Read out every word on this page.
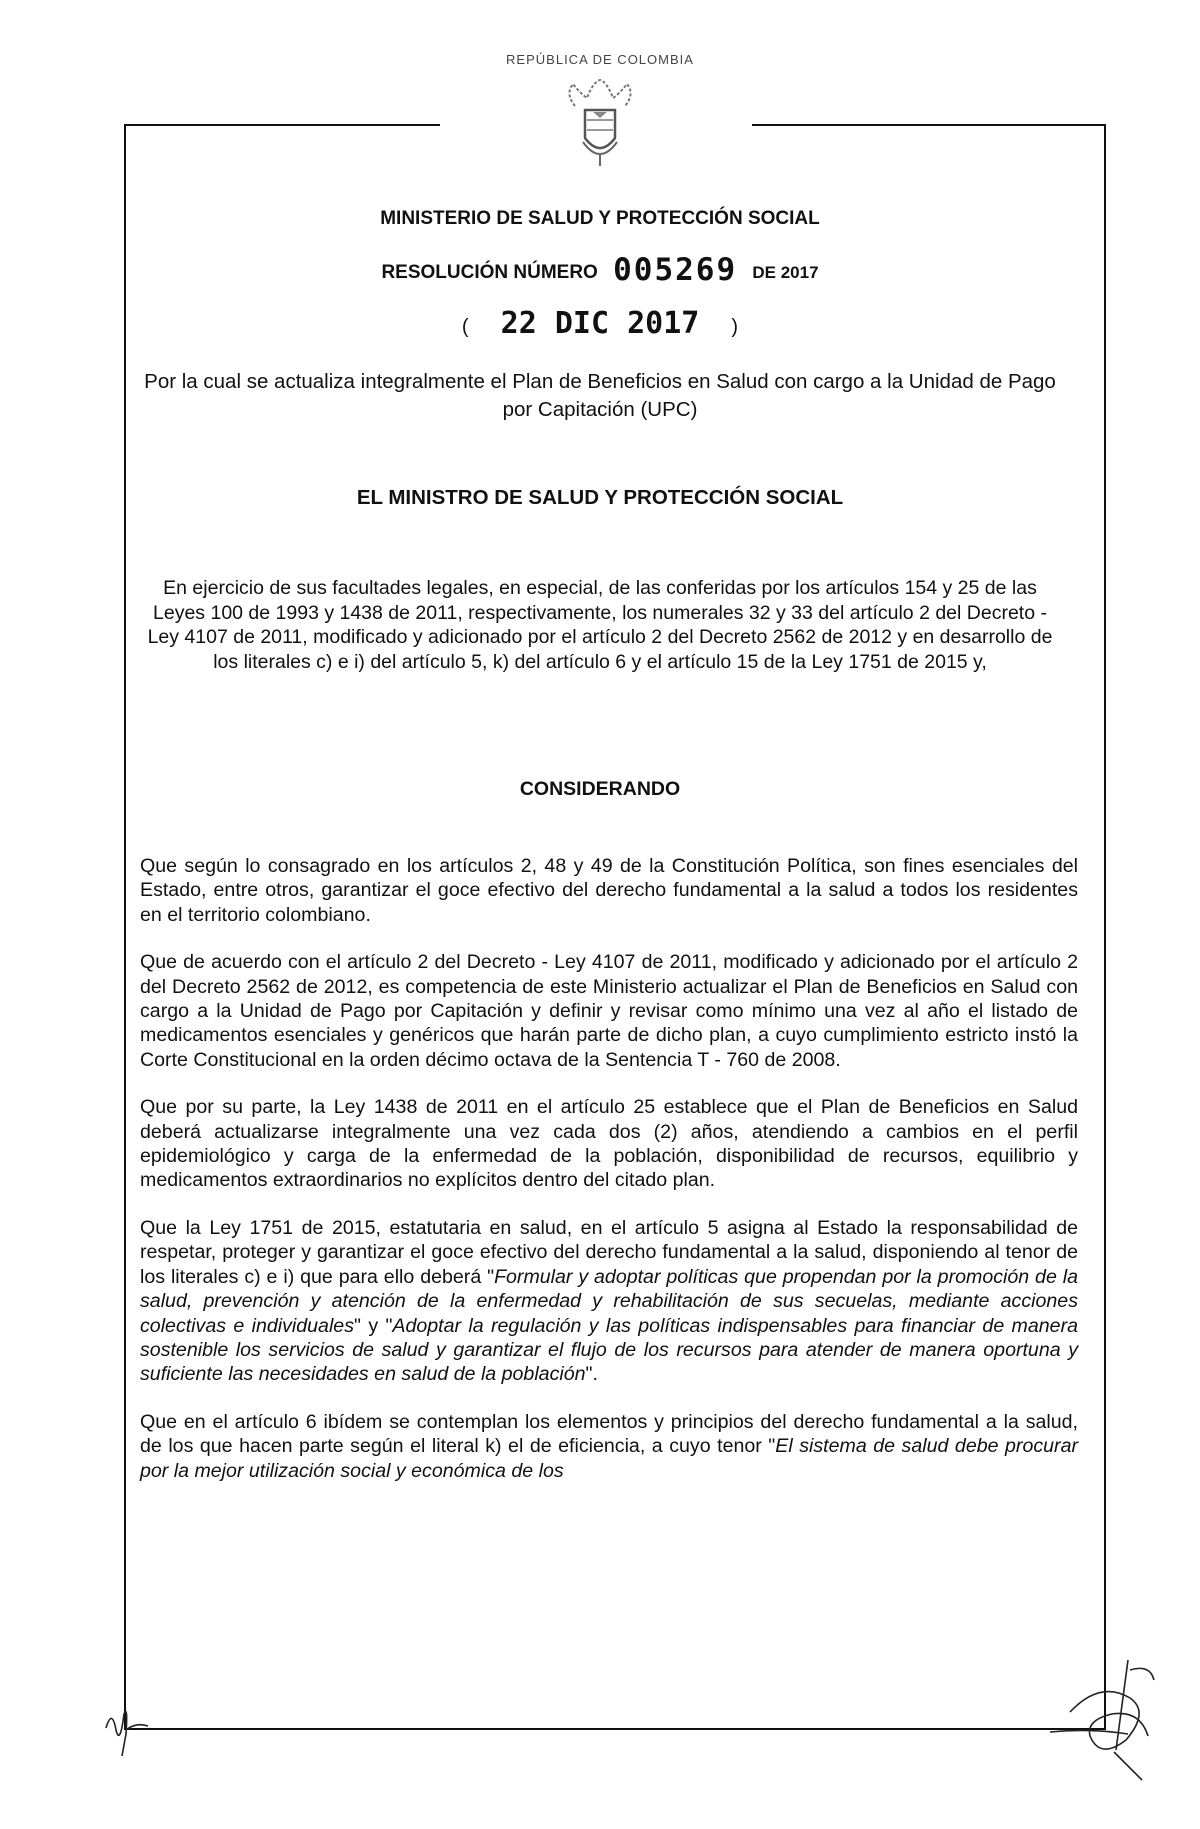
REPÚBLICA DE COLOMBIA
MINISTERIO DE SALUD Y PROTECCIÓN SOCIAL
RESOLUCIÓN NÚMERO 005269 DE 2017
( 22 DIC 2017 )
Por la cual se actualiza integralmente el Plan de Beneficios en Salud con cargo a la Unidad de Pago por Capitación (UPC)
EL MINISTRO DE SALUD Y PROTECCIÓN SOCIAL
En ejercicio de sus facultades legales, en especial, de las conferidas por los artículos 154 y 25 de las Leyes 100 de 1993 y 1438 de 2011, respectivamente, los numerales 32 y 33 del artículo 2 del Decreto - Ley 4107 de 2011, modificado y adicionado por el artículo 2 del Decreto 2562 de 2012 y en desarrollo de los literales c) e i) del artículo 5, k) del artículo 6 y el artículo 15 de la Ley 1751 de 2015 y,
CONSIDERANDO

Que según lo consagrado en los artículos 2, 48 y 49 de la Constitución Política, son fines esenciales del Estado, entre otros, garantizar el goce efectivo del derecho fundamental a la salud a todos los residentes en el territorio colombiano.

Que de acuerdo con el artículo 2 del Decreto - Ley 4107 de 2011, modificado y adicionado por el artículo 2 del Decreto 2562 de 2012, es competencia de este Ministerio actualizar el Plan de Beneficios en Salud con cargo a la Unidad de Pago por Capitación y definir y revisar como mínimo una vez al año el listado de medicamentos esenciales y genéricos que harán parte de dicho plan, a cuyo cumplimiento estricto instó la Corte Constitucional en la orden décimo octava de la Sentencia T - 760 de 2008.

Que por su parte, la Ley 1438 de 2011 en el artículo 25 establece que el Plan de Beneficios en Salud deberá actualizarse integralmente una vez cada dos (2) años, atendiendo a cambios en el perfil epidemiológico y carga de la enfermedad de la población, disponibilidad de recursos, equilibrio y medicamentos extraordinarios no explícitos dentro del citado plan.

Que la Ley 1751 de 2015, estatutaria en salud, en el artículo 5 asigna al Estado la responsabilidad de respetar, proteger y garantizar el goce efectivo del derecho fundamental a la salud, disponiendo al tenor de los literales c) e i) que para ello deberá "Formular y adoptar políticas que propendan por la promoción de la salud, prevención y atención de la enfermedad y rehabilitación de sus secuelas, mediante acciones colectivas e individuales" y "Adoptar la regulación y las políticas indispensables para financiar de manera sostenible los servicios de salud y garantizar el flujo de los recursos para atender de manera oportuna y suficiente las necesidades en salud de la población".

Que en el artículo 6 ibídem se contemplan los elementos y principios del derecho fundamental a la salud, de los que hacen parte según el literal k) el de eficiencia, a cuyo tenor "El sistema de salud debe procurar por la mejor utilización social y económica de los
